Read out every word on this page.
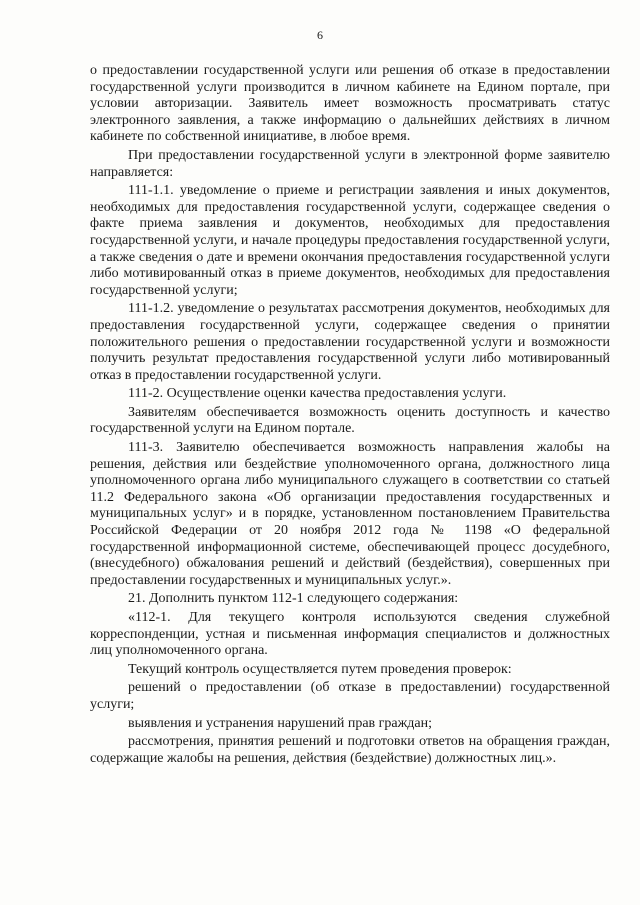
6

о предоставлении государственной услуги или решения об отказе в предоставлении государственной услуги производится в личном кабинете на Едином портале, при условии авторизации. Заявитель имеет возможность просматривать статус электронного заявления, а также информацию о дальнейших действиях в личном кабинете по собственной инициативе, в любое время.

При предоставлении государственной услуги в электронной форме заявителю направляется:

111-1.1. уведомление о приеме и регистрации заявления и иных документов, необходимых для предоставления государственной услуги, содержащее сведения о факте приема заявления и документов, необходимых для предоставления государственной услуги, и начале процедуры предоставления государственной услуги, а также сведения о дате и времени окончания предоставления государственной услуги либо мотивированный отказ в приеме документов, необходимых для предоставления государственной услуги;

111-1.2. уведомление о результатах рассмотрения документов, необходимых для предоставления государственной услуги, содержащее сведения о принятии положительного решения о предоставлении государственной услуги и возможности получить результат предоставления государственной услуги либо мотивированный отказ в предоставлении государственной услуги.

111-2. Осуществление оценки качества предоставления услуги.

Заявителям обеспечивается возможность оценить доступность и качество государственной услуги на Едином портале.

111-3. Заявителю обеспечивается возможность направления жалобы на решения, действия или бездействие уполномоченного органа, должностного лица уполномоченного органа либо муниципального служащего в соответствии со статьей 11.2 Федерального закона «Об организации предоставления государственных и муниципальных услуг» и в порядке, установленном постановлением Правительства Российской Федерации от 20 ноября 2012 года № 1198 «О федеральной государственной информационной системе, обеспечивающей процесс досудебного, (внесудебного) обжалования решений и действий (бездействия), совершенных при предоставлении государственных и муниципальных услуг.».

21. Дополнить пунктом 112-1 следующего содержания:

«112-1. Для текущего контроля используются сведения служебной корреспонденции, устная и письменная информация специалистов и должностных лиц уполномоченного органа.

Текущий контроль осуществляется путем проведения проверок:

решений о предоставлении (об отказе в предоставлении) государственной услуги;

выявления и устранения нарушений прав граждан;

рассмотрения, принятия решений и подготовки ответов на обращения граждан, содержащие жалобы на решения, действия (бездействие) должностных лиц.».
